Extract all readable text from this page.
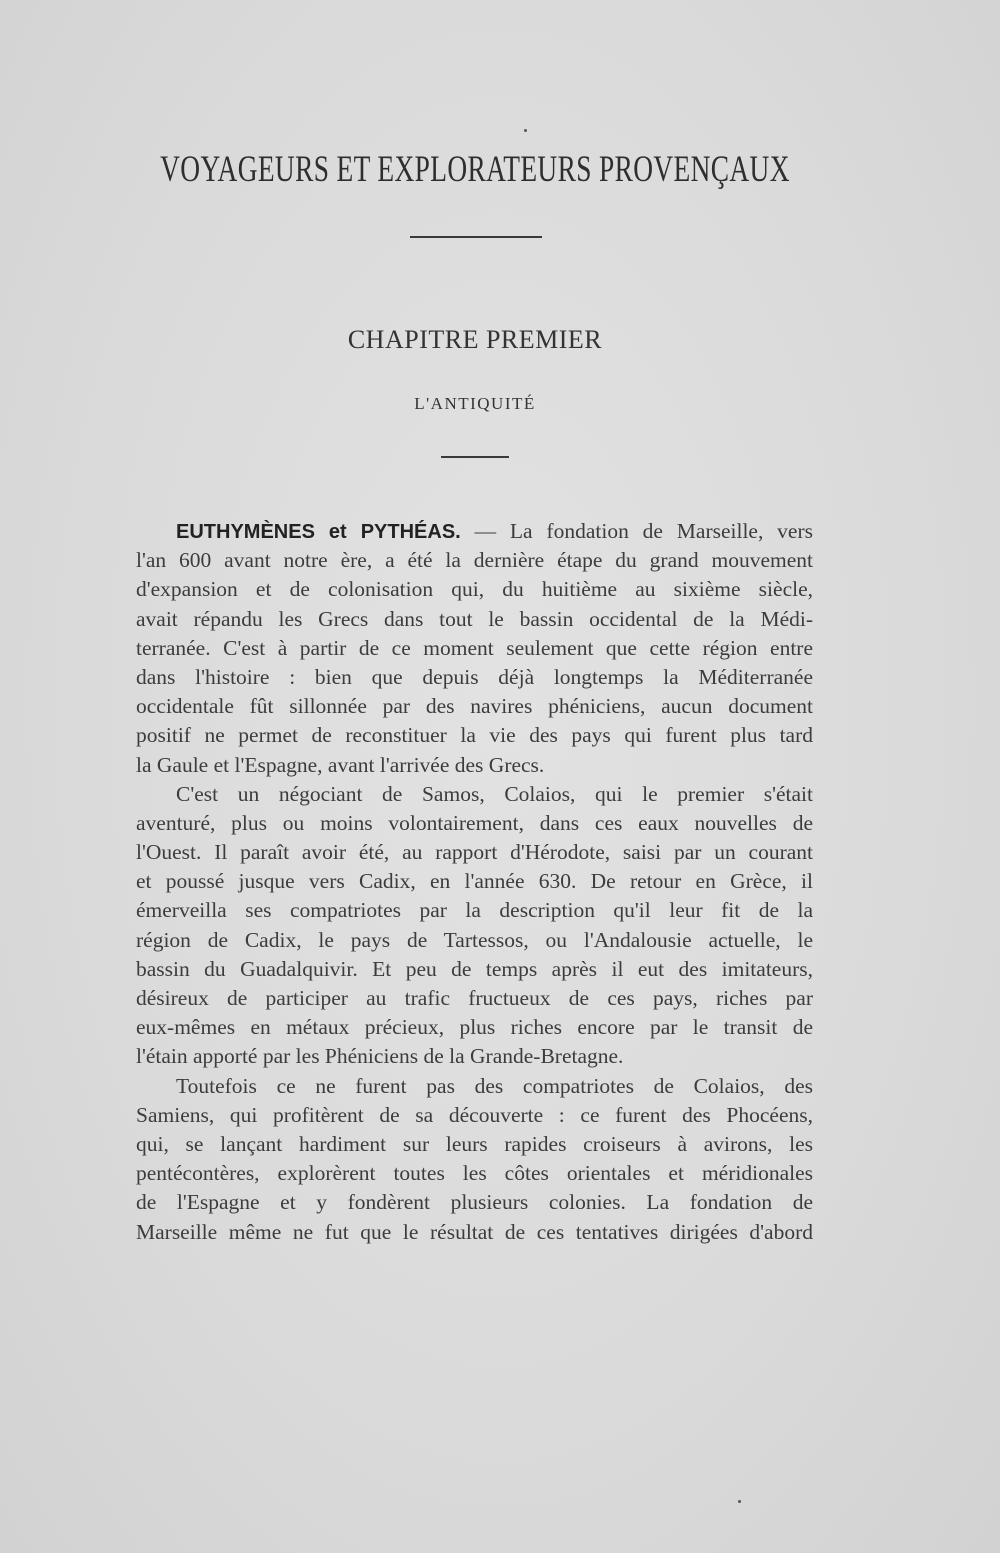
VOYAGEURS ET EXPLORATEURS PROVENÇAUX
CHAPITRE PREMIER
L'ANTIQUITÉ
EUTHYMÈNES et PYTHÉAS. — La fondation de Marseille, vers
l'an 600 avant notre ère, a été la dernière étape du grand mouvement
d'expansion et de colonisation qui, du huitième au sixième siècle,
avait répandu les Grecs dans tout le bassin occidental de la Médi-
terranée. C'est à partir de ce moment seulement que cette région entre
dans l'histoire : bien que depuis déjà longtemps la Méditerranée
occidentale fût sillonnée par des navires phéniciens, aucun document
positif ne permet de reconstituer la vie des pays qui furent plus tard
la Gaule et l'Espagne, avant l'arrivée des Grecs.
C'est un négociant de Samos, Colaios, qui le premier s'était
aventuré, plus ou moins volontairement, dans ces eaux nouvelles de
l'Ouest. Il paraît avoir été, au rapport d'Hérodote, saisi par un courant
et poussé jusque vers Cadix, en l'année 630. De retour en Grèce, il
émerveilla ses compatriotes par la description qu'il leur fit de la
région de Cadix, le pays de Tartessos, ou l'Andalousie actuelle, le
bassin du Guadalquivir. Et peu de temps après il eut des imitateurs,
désireux de participer au trafic fructueux de ces pays, riches par
eux-mêmes en métaux précieux, plus riches encore par le transit de
l'étain apporté par les Phéniciens de la Grande-Bretagne.
Toutefois ce ne furent pas des compatriotes de Colaios, des
Samiens, qui profitèrent de sa découverte : ce furent des Phocéens,
qui, se lançant hardiment sur leurs rapides croiseurs à avirons, les
pentécontères, explorèrent toutes les côtes orientales et méridionales
de l'Espagne et y fondèrent plusieurs colonies. La fondation de
Marseille même ne fut que le résultat de ces tentatives dirigées d'abord
